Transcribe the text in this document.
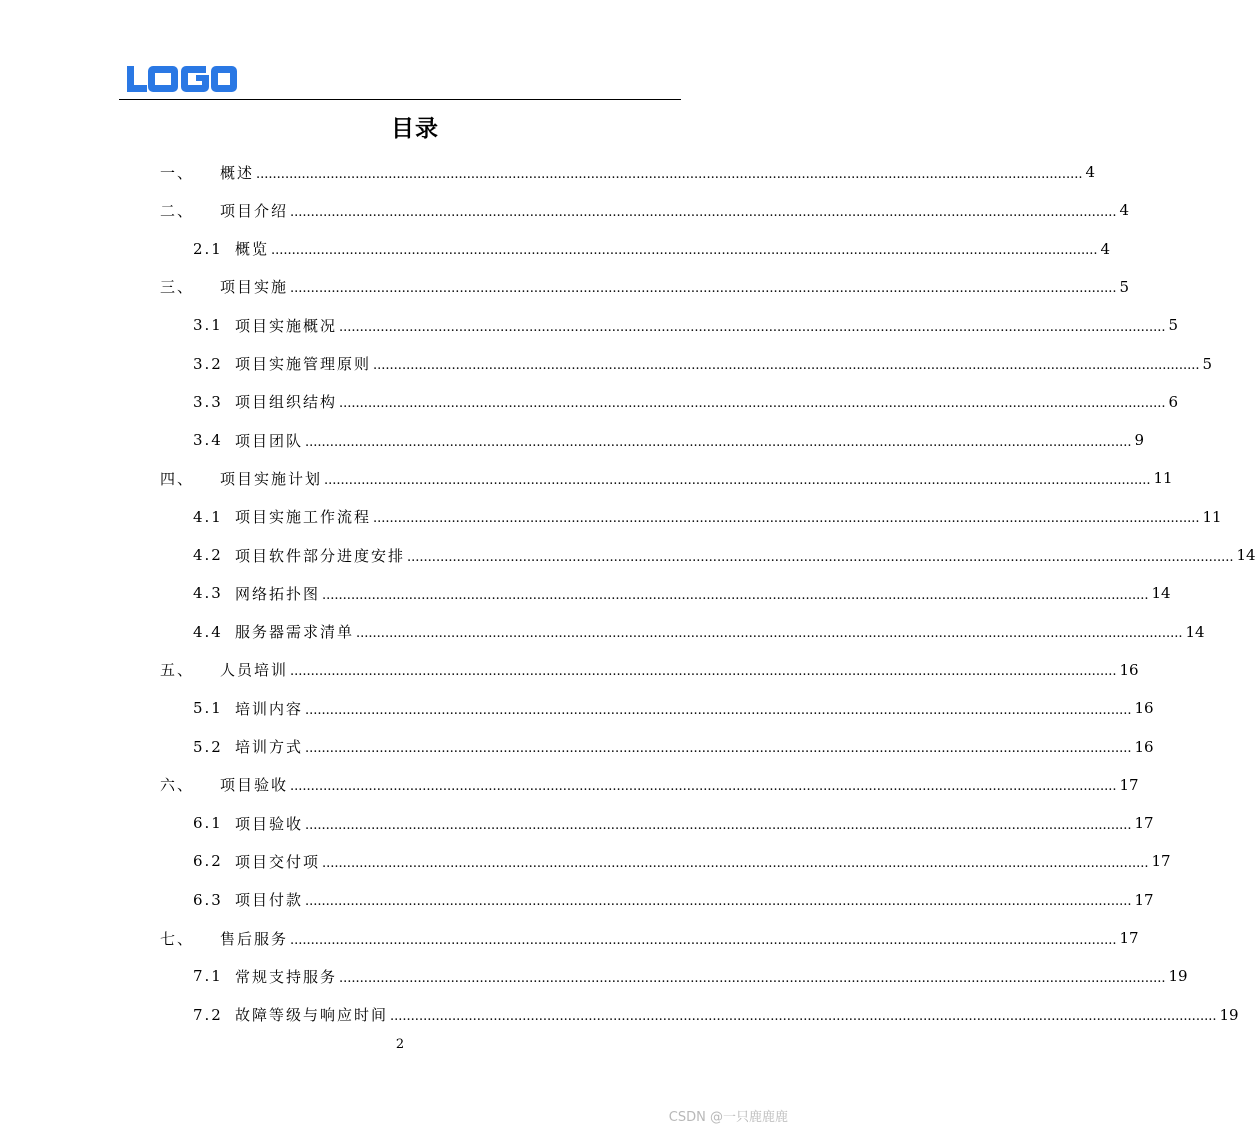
目录
一、	概述 ........................................................................................................................................................................................................ 4
二、	项目介绍 ........................................................................................................................................................................................................ 4
2.1 概览 ........................................................................................................................................................................................................ 4
三、	项目实施 ........................................................................................................................................................................................................ 5
3.1 项目实施概况 ........................................................................................................................................................................................................ 5
3.2 项目实施管理原则 ........................................................................................................................................................................................................ 5
3.3 项目组织结构 ........................................................................................................................................................................................................ 6
3.4 项目团队 ........................................................................................................................................................................................................ 9
四、	项目实施计划 ........................................................................................................................................................................................................ 11
4.1 项目实施工作流程 ........................................................................................................................................................................................................ 11
4.2 项目软件部分进度安排 ........................................................................................................................................................................................................ 14
4.3 网络拓扑图 ........................................................................................................................................................................................................ 14
4.4 服务器需求清单 ........................................................................................................................................................................................................ 14
五、	人员培训 ........................................................................................................................................................................................................ 16
5.1 培训内容 ........................................................................................................................................................................................................ 16
5.2 培训方式 ........................................................................................................................................................................................................ 16
六、	项目验收 ........................................................................................................................................................................................................ 17
6.1 项目验收 ........................................................................................................................................................................................................ 17
6.2 项目交付项 ........................................................................................................................................................................................................ 17
6.3 项目付款 ........................................................................................................................................................................................................ 17
七、	售后服务 ........................................................................................................................................................................................................ 17
7.1 常规支持服务 ........................................................................................................................................................................................................ 19
7.2 故障等级与响应时间 ........................................................................................................................................................................................................ 19
2
CSDN @一只鹿鹿鹿
